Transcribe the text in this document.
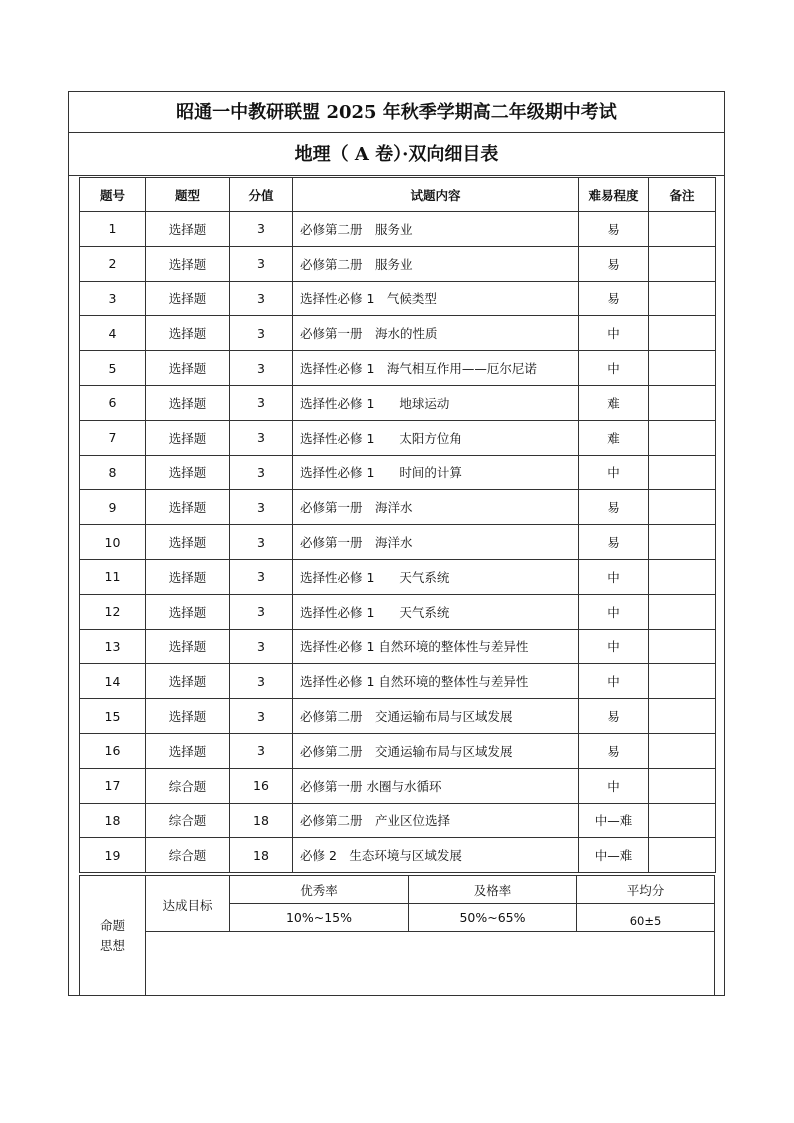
昭通一中教研联盟 2025 年秋季学期高二年级期中考试
地理（ A 卷）·双向细目表
题号	题型	分值	试题内容	难易程度	备注
1	选择题	3	必修第二册　服务业	易	
2	选择题	3	必修第二册　服务业	易	
3	选择题	3	选择性必修 1　气候类型	易	
4	选择题	3	必修第一册　海水的性质	中	
5	选择题	3	选择性必修 1　海气相互作用——厄尔尼诺	中	
6	选择题	3	选择性必修 1　　地球运动	难	
7	选择题	3	选择性必修 1　　太阳方位角	难	
8	选择题	3	选择性必修 1　　时间的计算	中	
9	选择题	3	必修第一册　海洋水	易	
10	选择题	3	必修第一册　海洋水	易	
11	选择题	3	选择性必修 1　　天气系统	中	
12	选择题	3	选择性必修 1　　天气系统	中	
13	选择题	3	选择性必修 1 自然环境的整体性与差异性	中	
14	选择题	3	选择性必修 1 自然环境的整体性与差异性	中	
15	选择题	3	必修第二册　交通运输布局与区域发展	易	
16	选择题	3	必修第二册　交通运输布局与区域发展	易	
17	综合题	16	必修第一册 水圈与水循环	中	
18	综合题	18	必修第二册　产业区位选择	中—难	
19	综合题	18	必修 2　生态环境与区域发展	中—难	
命题
思想
达成目标
优秀率	及格率	平均分
10%~15%	50%~65%	60±5
